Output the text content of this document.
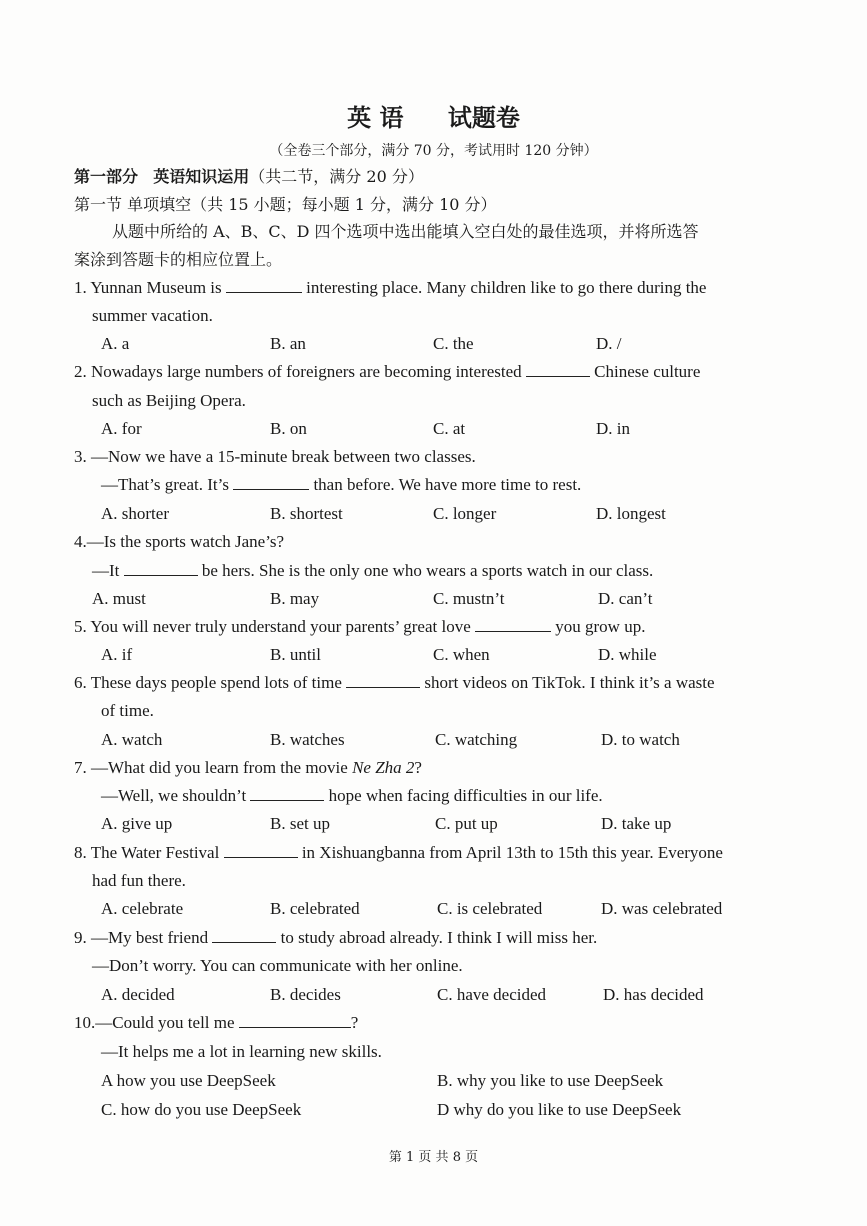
英 语 试题卷
（全卷三个部分，满分 70 分，考试用时 120 分钟）
第一部分 英语知识运用（共二节，满分 20 分）
第一节 单项填空（共 15 小题；每小题 1 分，满分 10 分）
从题中所给的 A、B、C、D 四个选项中选出能填入空白处的最佳选项，并将所选答
案涂到答题卡的相应位置上。
1. Yunnan Museum is	interesting place. Many children like to go there during the
summer vacation.
A. a	B. an	C. the	D. /
2. Nowadays large numbers of foreigners are becoming interested	Chinese culture
such as Beijing Opera.
A. for	B. on	C. at	D. in
3. —Now we have a 15-minute break between two classes.
—That’s great. It’s	than before. We have more time to rest.
A. shorter	B. shortest	C. longer	D. longest
4.—Is the sports watch Jane’s?
—It	be hers. She is the only one who wears a sports watch in our class.
A. must	B. may	C. mustn’t	D. can’t
5. You will never truly understand your parents’ great love	you grow up.
A. if	B. until	C. when	D. while
6. These days people spend lots of time	short videos on TikTok. I think it’s a waste
of time.
A. watch	B. watches	C. watching	D. to watch
7. —What did you learn from the movie Ne Zha 2?
—Well, we shouldn’t	hope when facing difficulties in our life.
A. give up	B. set up	C. put up	D. take up
8. The Water Festival	in Xishuangbanna from April 13th to 15th this year. Everyone
had fun there.
A. celebrate	B. celebrated	C. is celebrated	D. was celebrated
9. —My best friend	to study abroad already. I think I will miss her.
—Don’t worry. You can communicate with her online.
A. decided	B. decides	C. have decided	D. has decided
10.—Could you tell me	?
—It helps me a lot in learning new skills.
A how you use DeepSeek	B. why you like to use DeepSeek
C. how do you use DeepSeek	D why do you like to use DeepSeek
第 1 页 共 8 页
